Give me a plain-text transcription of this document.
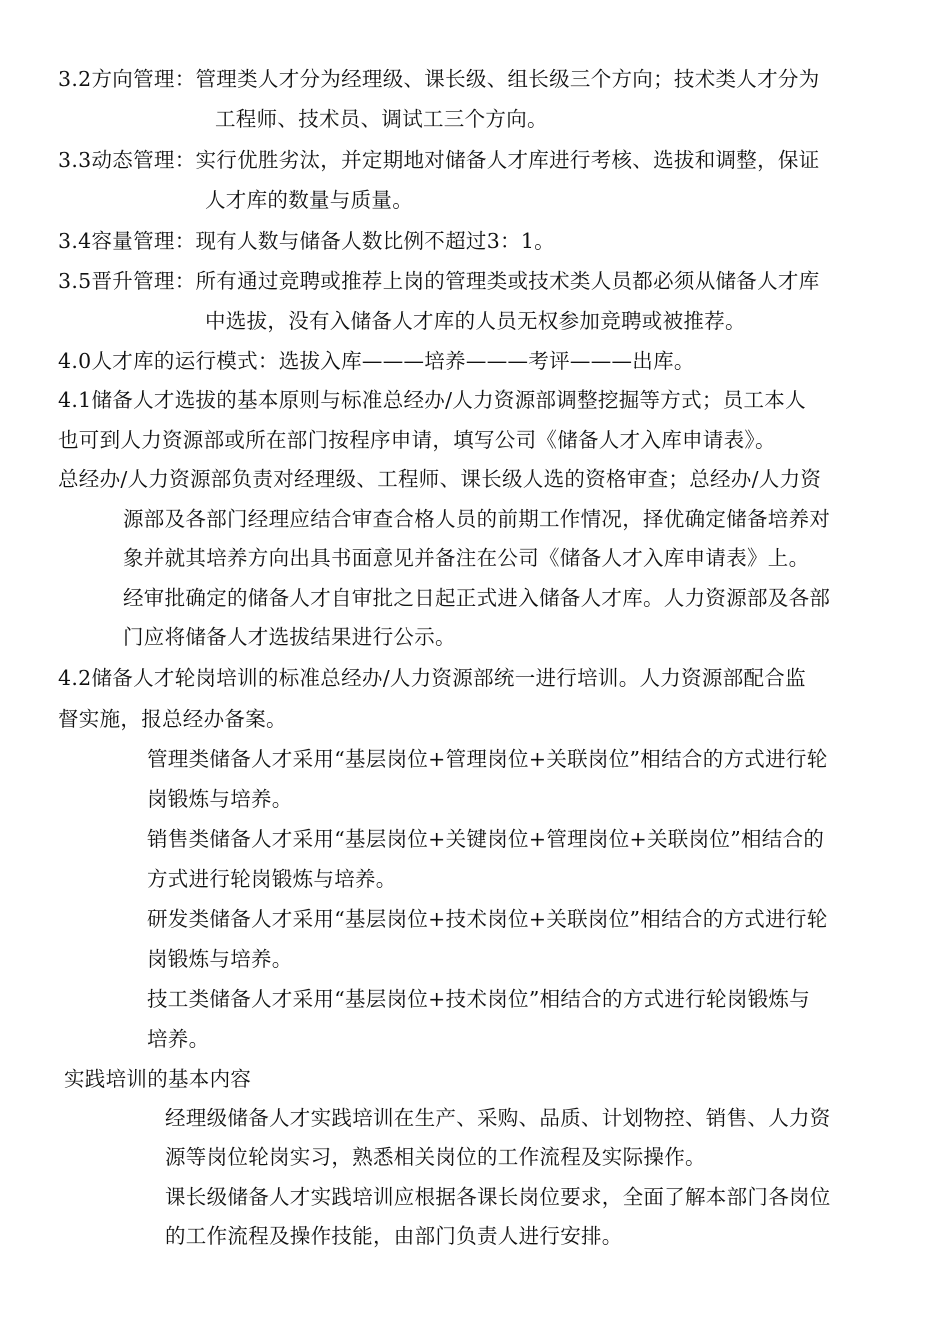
3.2方向管理：管理类人才分为经理级、课长级、组长级三个方向；技术类人才分为
工程师、技术员、调试工三个方向。
3.3动态管理：实行优胜劣汰，并定期地对储备人才库进行考核、选拔和调整，保证
人才库的数量与质量。
3.4容量管理：现有人数与储备人数比例不超过3：1。
3.5晋升管理：所有通过竞聘或推荐上岗的管理类或技术类人员都必须从储备人才库
中选拔，没有入储备人才库的人员无权参加竞聘或被推荐。
4.0人才库的运行模式：选拔入库———培养———考评———出库。
4.1储备人才选拔的基本原则与标准总经办/人力资源部调整挖掘等方式；员工本人
也可到人力资源部或所在部门按程序申请，填写公司《储备人才入库申请表》。
总经办/人力资源部负责对经理级、工程师、课长级人选的资格审查；总经办/人力资
源部及各部门经理应结合审查合格人员的前期工作情况，择优确定储备培养对
象并就其培养方向出具书面意见并备注在公司《储备人才入库申请表》上。
经审批确定的储备人才自审批之日起正式进入储备人才库。人力资源部及各部
门应将储备人才选拔结果进行公示。
4.2储备人才轮岗培训的标准总经办/人力资源部统一进行培训。人力资源部配合监
督实施，报总经办备案。
管理类储备人才采用“基层岗位+管理岗位+关联岗位”相结合的方式进行轮
岗锻炼与培养。
销售类储备人才采用“基层岗位+关键岗位+管理岗位+关联岗位”相结合的
方式进行轮岗锻炼与培养。
研发类储备人才采用“基层岗位+技术岗位+关联岗位”相结合的方式进行轮
岗锻炼与培养。
技工类储备人才采用“基层岗位+技术岗位”相结合的方式进行轮岗锻炼与
培养。
实践培训的基本内容
经理级储备人才实践培训在生产、采购、品质、计划物控、销售、人力资
源等岗位轮岗实习，熟悉相关岗位的工作流程及实际操作。
课长级储备人才实践培训应根据各课长岗位要求，全面了解本部门各岗位
的工作流程及操作技能，由部门负责人进行安排。
